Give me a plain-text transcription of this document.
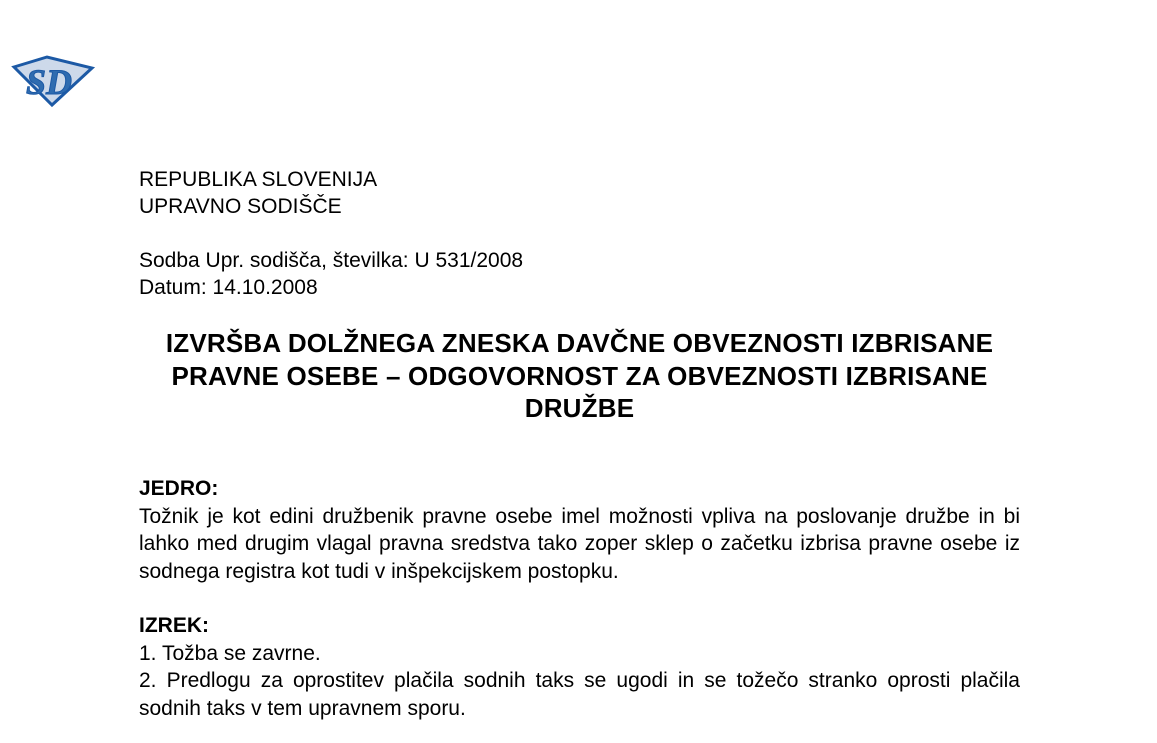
SD
REPUBLIKA SLOVENIJA
UPRAVNO SODIŠČE
Sodba Upr. sodišča, številka: U 531/2008
Datum: 14.10.2008
IZVRŠBA DOLŽNEGA ZNESKA DAVČNE OBVEZNOSTI IZBRISANE PRAVNE OSEBE – ODGOVORNOST ZA OBVEZNOSTI IZBRISANE DRUŽBE
JEDRO:
Tožnik je kot edini družbenik pravne osebe imel možnosti vpliva na poslovanje družbe in bi lahko med drugim vlagal pravna sredstva tako zoper sklep o začetku izbrisa pravne osebe iz sodnega registra kot tudi v inšpekcijskem postopku.
IZREK:
1. Tožba se zavrne.
2. Predlogu za oprostitev plačila sodnih taks se ugodi in se tožečo stranko oprosti plačila sodnih taks v tem upravnem sporu.
